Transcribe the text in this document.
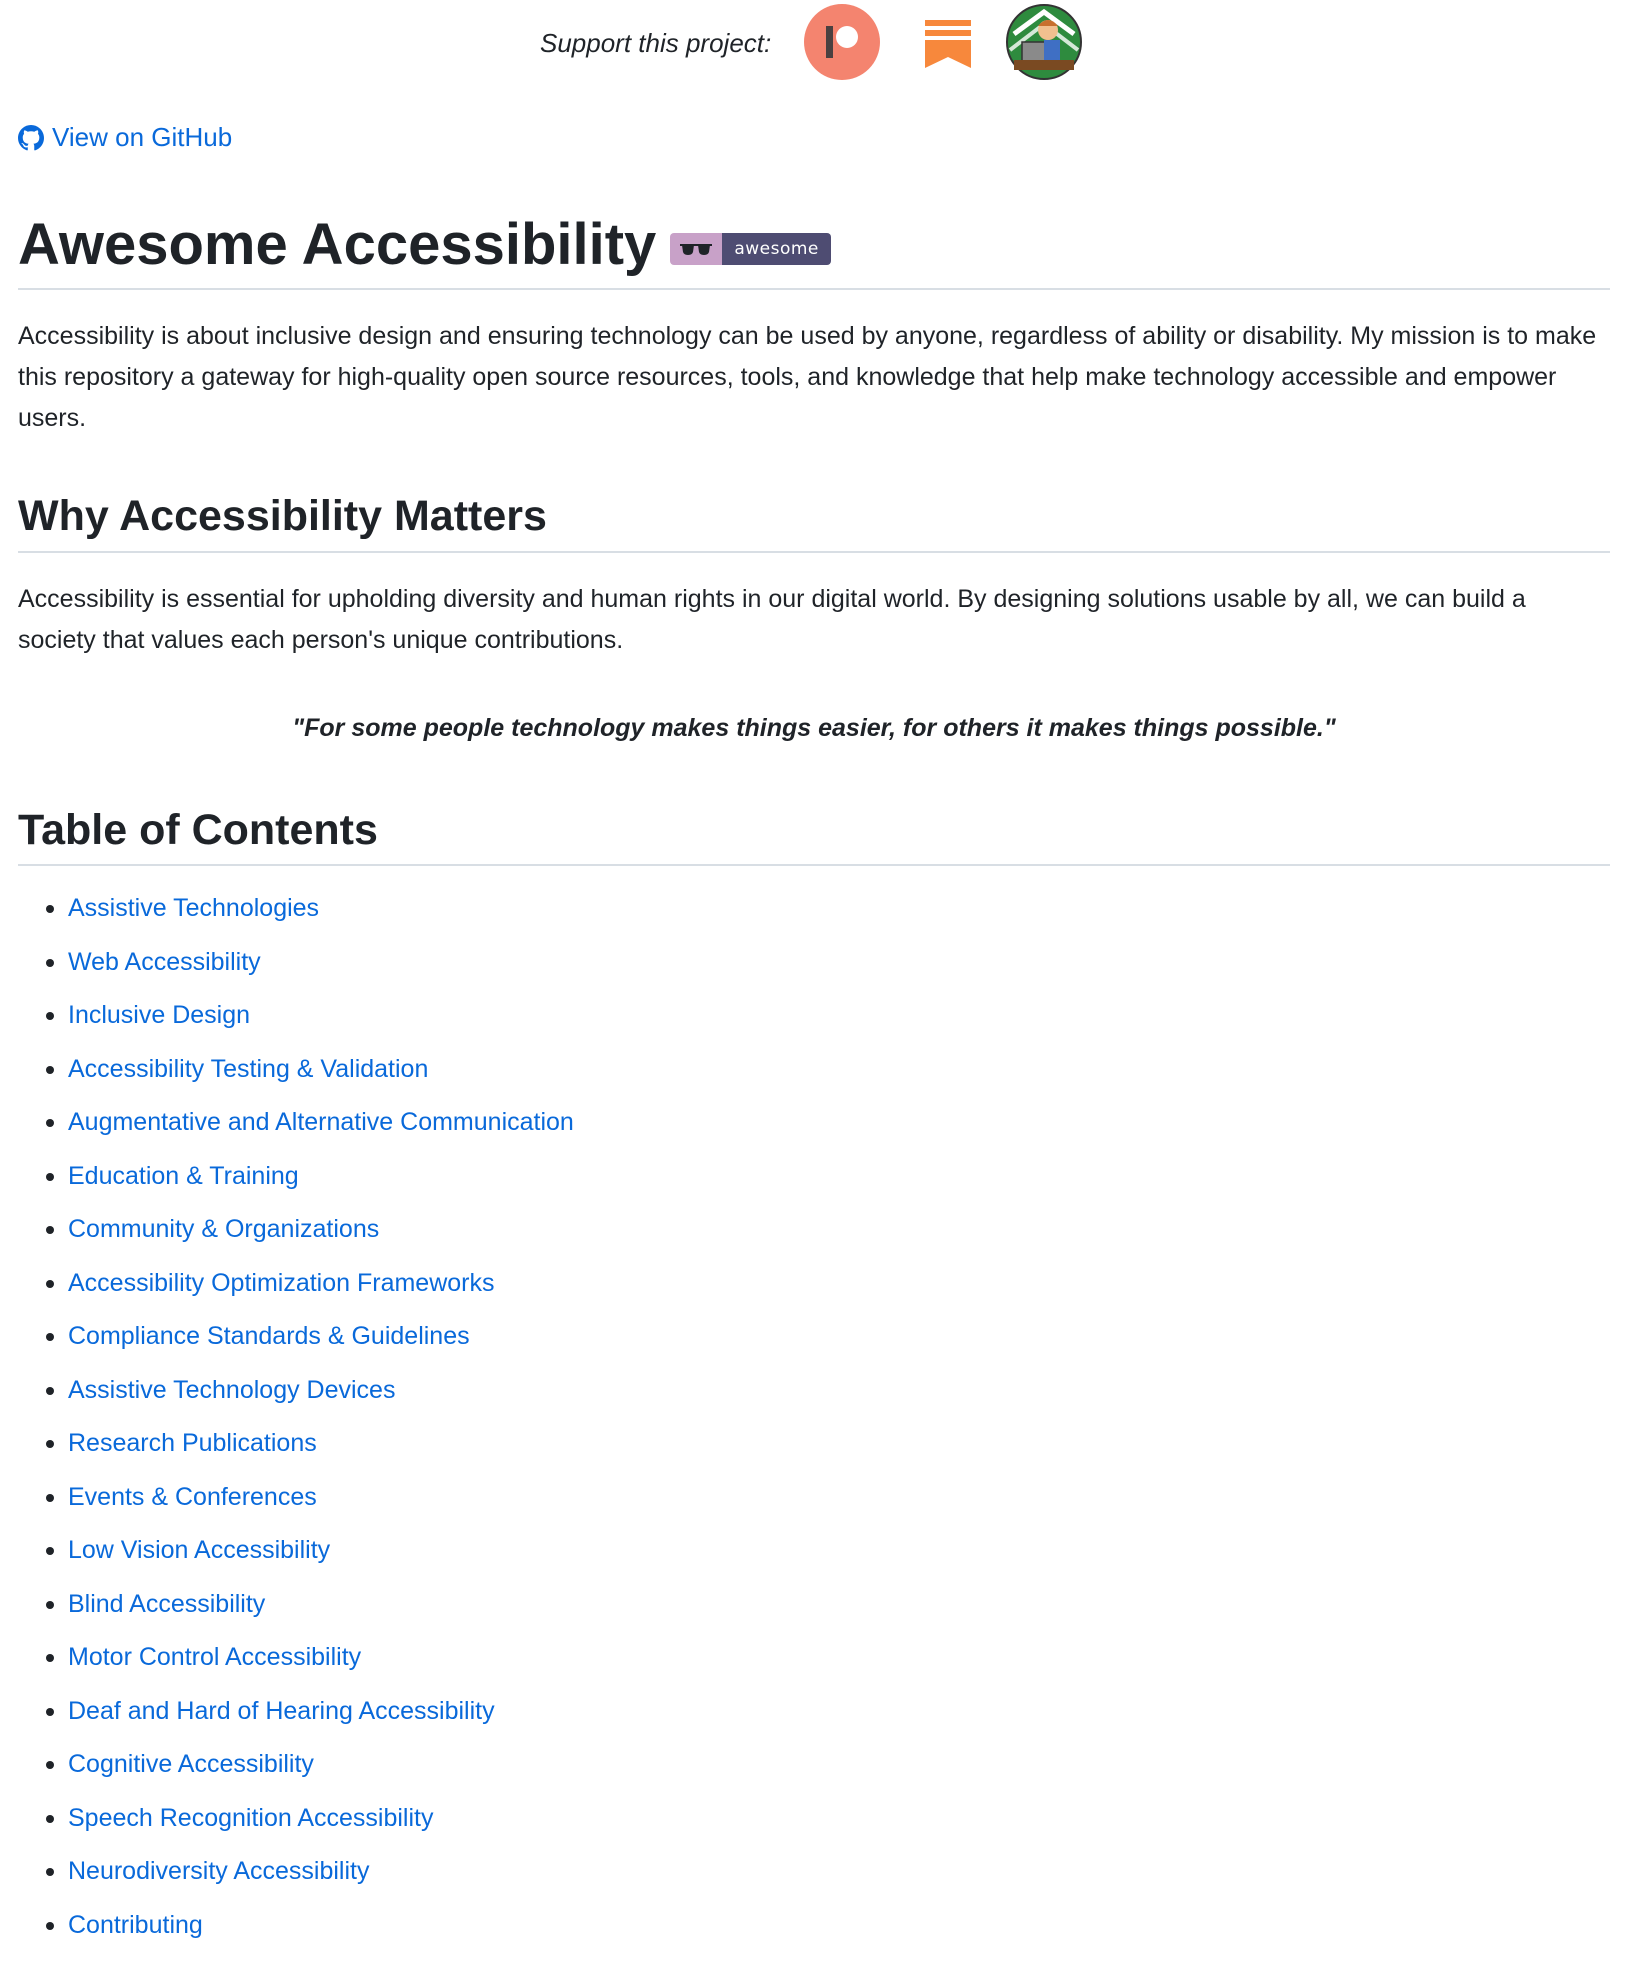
Support this project:
View on GitHub
Awesome Accessibility	awesome

Accessibility is about inclusive design and ensuring technology can be used by anyone, regardless of ability or disability. My mission is to make this repository a gateway for high-quality open source resources, tools, and knowledge that help make technology accessible and empower users.

Why Accessibility Matters

Accessibility is essential for upholding diversity and human rights in our digital world. By designing solutions usable by all, we can build a society that values each person's unique contributions.

"For some people technology makes things easier, for others it makes things possible."
Table of Contents
Assistive Technologies
Web Accessibility
Inclusive Design
Accessibility Testing & Validation
Augmentative and Alternative Communication
Education & Training
Community & Organizations
Accessibility Optimization Frameworks
Compliance Standards & Guidelines
Assistive Technology Devices
Research Publications
Events & Conferences
Low Vision Accessibility
Blind Accessibility
Motor Control Accessibility
Deaf and Hard of Hearing Accessibility
Cognitive Accessibility
Speech Recognition Accessibility
Neurodiversity Accessibility
Contributing
